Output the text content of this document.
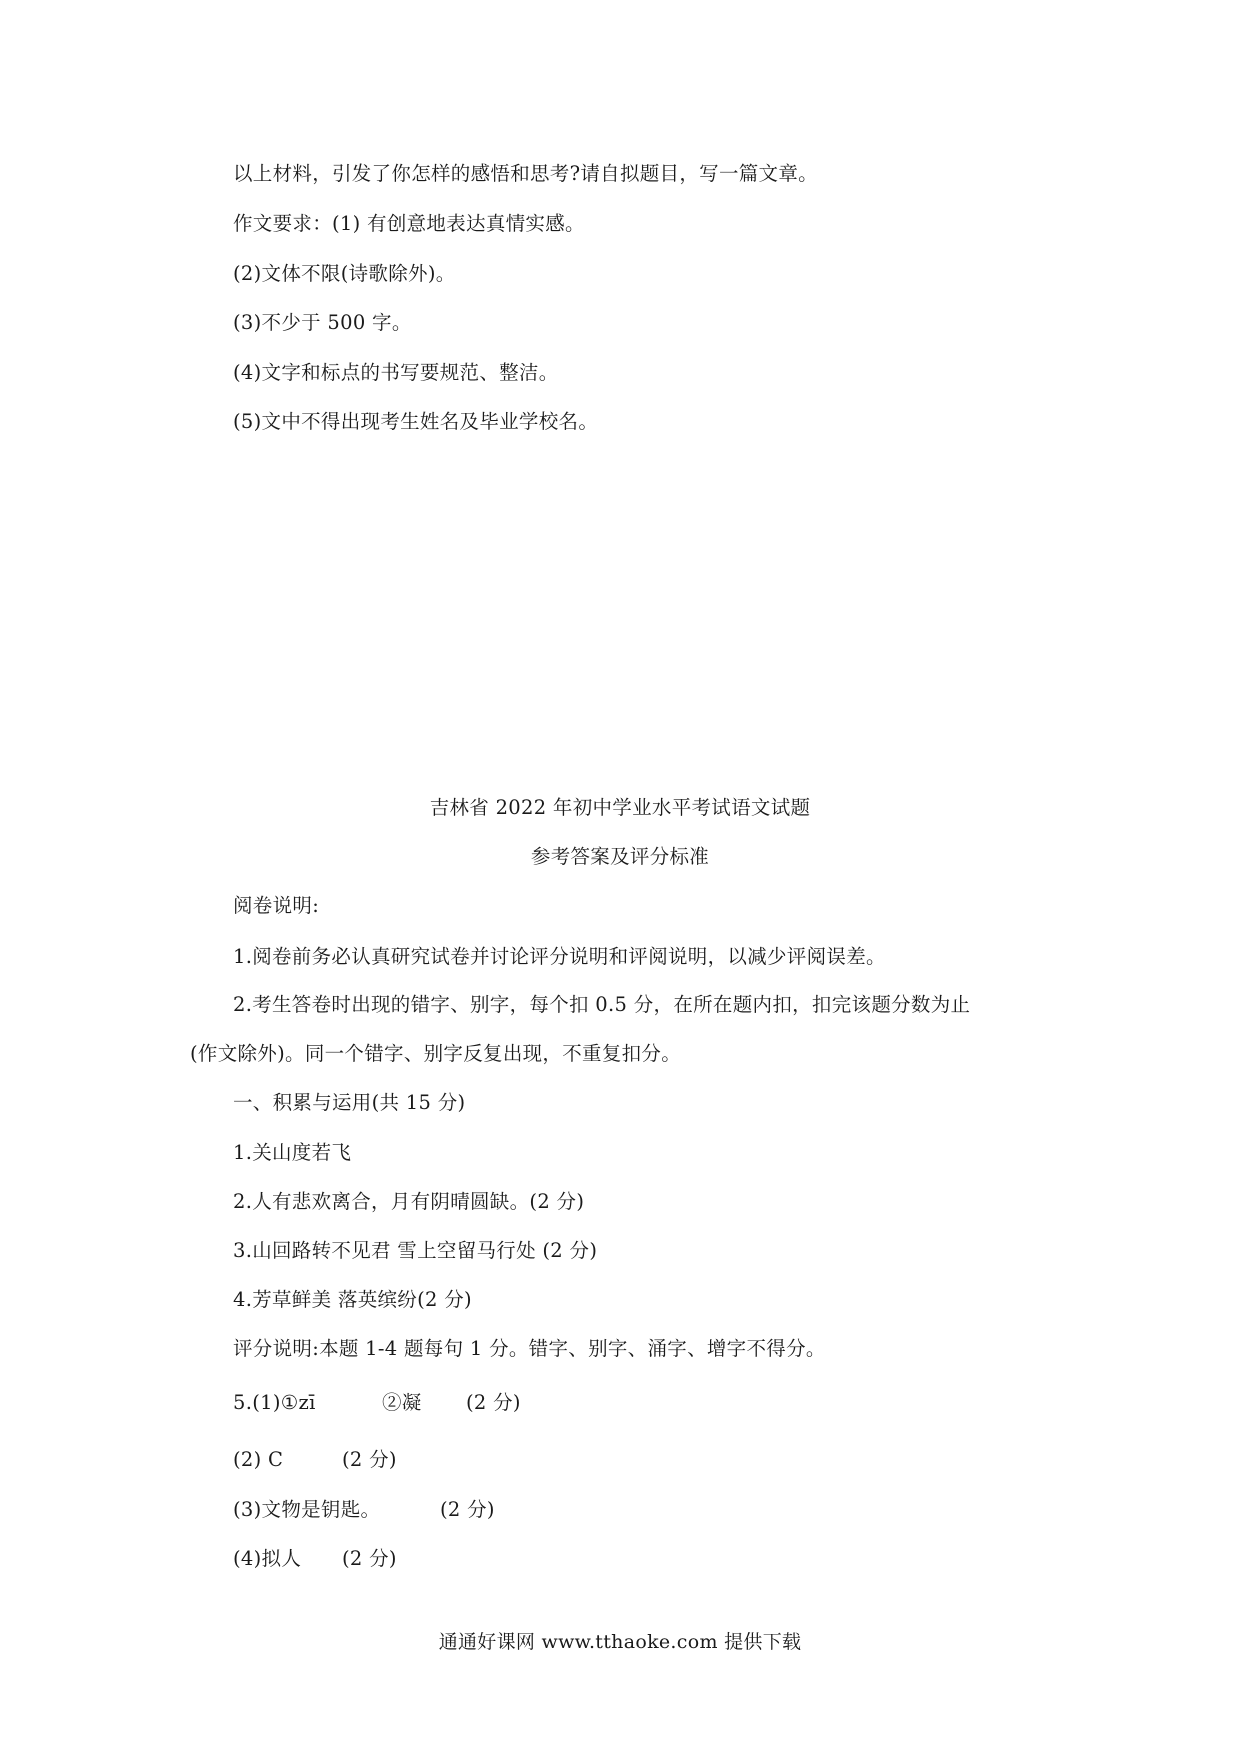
以上材料，引发了你怎样的感悟和思考?请自拟题目，写一篇文章。
作文要求：(1) 有创意地表达真情实感。
(2)文体不限(诗歌除外)。
(3)不少于 500 字。
(4)文字和标点的书写要规范、整洁。
(5)文中不得出现考生姓名及毕业学校名。
吉林省 2022 年初中学业水平考试语文试题
参考答案及评分标准
阅卷说明:
1.阅卷前务必认真研究试卷并讨论评分说明和评阅说明，以减少评阅误差。
2.考生答卷时出现的错字、别字，每个扣 0.5 分，在所在题内扣，扣完该题分数为止
(作文除外)。同一个错字、别字反复出现，不重复扣分。
一、积累与运用(共 15 分)
1.关山度若飞
2.人有悲欢离合，月有阴晴圆缺。(2 分)
3.山回路转不见君 雪上空留马行处 (2 分)
4.芳草鲜美 落英缤纷(2 分)
评分说明:本题 1-4 题每句 1 分。错字、别字、涌字、增字不得分。
5.(1)①zī	②凝 (2 分)
(2) C	(2 分)
(3)文物是钥匙。	(2 分)
(4)拟人 (2 分)
通通好课网 www.tthaoke.com 提供下载
